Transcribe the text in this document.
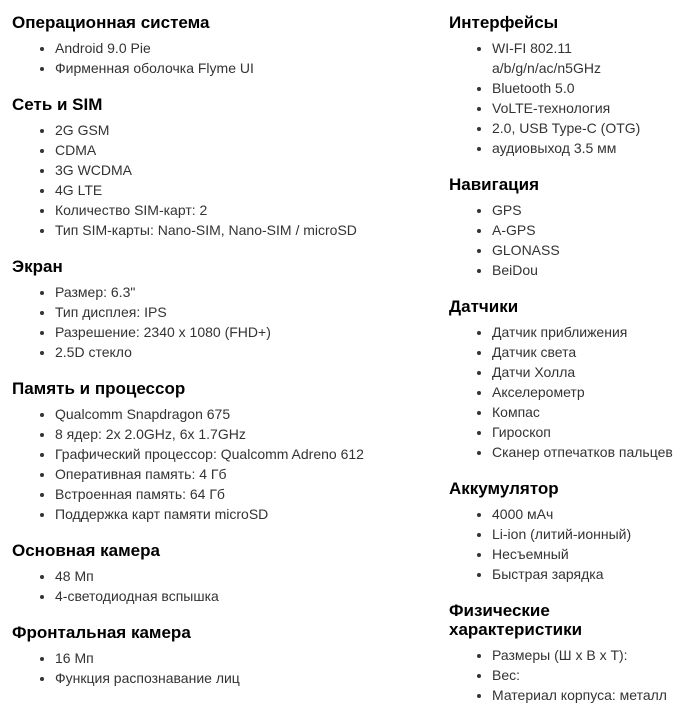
Операционная система
• Android 9.0 Pie
• Фирменная оболочка Flyme UI
Сеть и SIM
• 2G GSM
• CDMA
• 3G WCDMA
• 4G LTE
• Количество SIM-карт: 2
• Тип SIM-карты: Nano-SIM, Nano-SIM / microSD
Экран
• Размер: 6.3"
• Тип дисплея: IPS
• Разрешение: 2340 x 1080 (FHD+)
• 2.5D стекло
Память и процессор
• Qualcomm Snapdragon 675
• 8 ядер: 2x 2.0GHz, 6x 1.7GHz
• Графический процессор: Qualcomm Adreno 612
• Оперативная память: 4 Гб
• Встроенная память: 64 Гб
• Поддержка карт памяти microSD
Основная камера
• 48 Мп
• 4-светодиодная вспышка
Фронтальная камера
• 16 Мп
• Функция распознавание лиц
Интерфейсы
• WI-FI 802.11 a/b/g/n/ac/n5GHz
• Bluetooth 5.0
• VoLTE-технология
• 2.0, USB Type-C (OTG)
• аудиовыход 3.5 мм
Навигация
• GPS
• A-GPS
• GLONASS
• BeiDou
Датчики
• Датчик приближения
• Датчик света
• Датчи Холла
• Акселерометр
• Компас
• Гироскоп
• Сканер отпечатков пальцев
Аккумулятор
• 4000 мАч
• Li-ion (литий-ионный)
• Несъемный
• Быстрая зарядка
Физические характеристики
• Размеры (Ш x В x Т):
• Вес:
• Материал корпуса: металл
